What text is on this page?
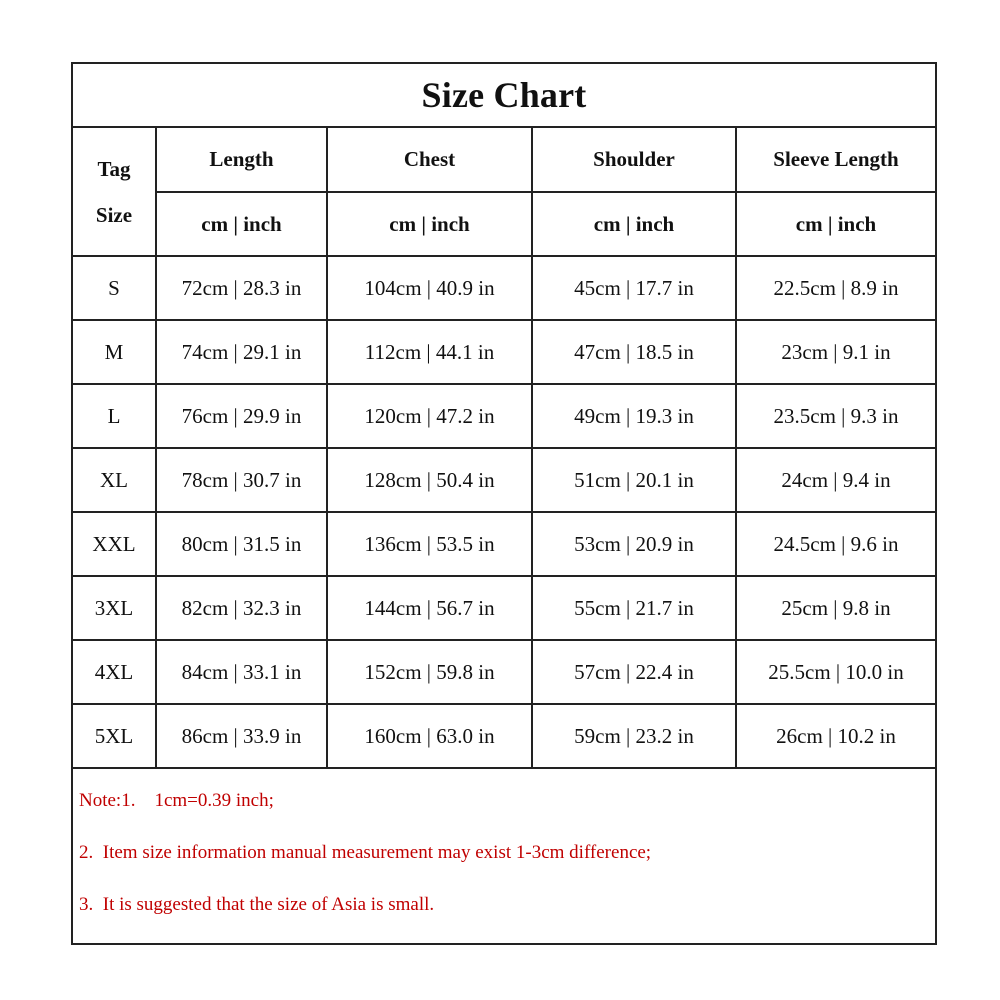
Size Chart
Tag
Size	Length	Chest	Shoulder	Sleeve Length
	cm | inch	cm | inch	cm | inch	cm | inch
S	72cm | 28.3 in	104cm | 40.9 in	45cm | 17.7 in	22.5cm | 8.9 in
M	74cm | 29.1 in	112cm | 44.1 in	47cm | 18.5 in	23cm | 9.1 in
L	76cm | 29.9 in	120cm | 47.2 in	49cm | 19.3 in	23.5cm | 9.3 in
XL	78cm | 30.7 in	128cm | 50.4 in	51cm | 20.1 in	24cm | 9.4 in
XXL	80cm | 31.5 in	136cm | 53.5 in	53cm | 20.9 in	24.5cm | 9.6 in
3XL	82cm | 32.3 in	144cm | 56.7 in	55cm | 21.7 in	25cm | 9.8 in
4XL	84cm | 33.1 in	152cm | 59.8 in	57cm | 22.4 in	25.5cm | 10.0 in
5XL	86cm | 33.9 in	160cm | 63.0 in	59cm | 23.2 in	26cm | 10.2 in
Note:1.    1cm=0.39 inch;
2.  Item size information manual measurement may exist 1-3cm difference;
3.  It is suggested that the size of Asia is small.
